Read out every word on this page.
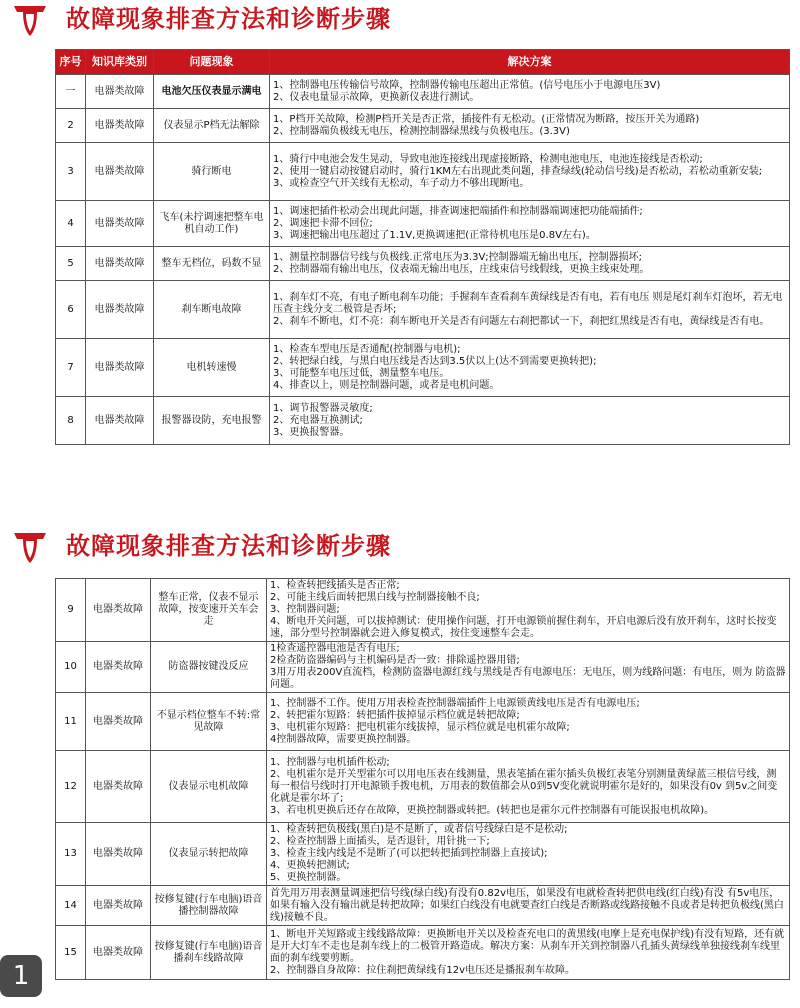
故障现象排查方法和诊断步骤
序号	知识库类别	问题现象	解决方案
一	电器类故障	电池欠压仪表显示满电	1、控制器电压传输信号故障，控制器传输电压超出正常值。(信号电压小于电源电压3V)
2、仪表电量显示故障，更换新仪表进行测试。

2	电器类故障	仪表显示P档无法解除	1、P档开关故障，检测P档开关是否正常，插接件有无松动。(正常情况为断路，按压开关为通路)
2、控制器端负极线无电压，检测控制器绿黑线与负极电压。(3.3V)

3	电器类故障	骑行断电	1、骑行中电池会发生晃动，导致电池连接线出现虚接断路，检测电池电压，电池连接线是否松动;
2、使用一键启动按键启动时，骑行1KM左右出现此类问题，排查绿线(轮动信号线)是否松动，若松动重新安装;
3、或检查空气开关线有无松动，车子动力不够出现断电。

4	电器类故障	飞车(未拧调速把整车电机自动工作)	1、调速把插件松动会出现此问题，排查调速把端插件和控制器端调速把功能端插件;
2、调速把卡滞不回位;
3、调速把输出电压超过了1.1V,更换调速把(正常待机电压是0.8V左右)。

5	电器类故障	整车无档位，码数不显	1、测量控制器信号线与负极线.正常电压为3.3V;控制器端无输出电压，控制器损坏;
2、控制器端有输出电压，仪表端无输出电压，庄线束信号线假线，更换主线束处理。

6	电器类故障	刹车断电故障	1、刹车灯不亮，有电子断电刹车功能；手握刹车查看刹车黄绿线是否有电，若有电压 则是尾灯刹车灯泡坏，若无电压查主线分支二极管是否坏;
2、刹车不断电，灯不亮：刹车断电开关是否有问题左右刹把都试一下，刹把红黑线是否有电，黄绿线是否有电。

7	电器类故障	电机转速慢	1、检查车型电压是否通配(控制器与电机);
2、转把绿白线，与黑白电压线是否达到3.5伏以上(达不到需要更换转把);
3、可能整车电压过低，测量整车电压。
4、排查以上，则是控制器问题，或者是电机问题。

8	电器类故障	报警器设防，充电报警	1、调节报警器灵敏度;
2、充电器互换测试;
3、更换报警器。
故障现象排查方法和诊断步骤
9	电器类故障	整车正常，仪表不显示故障，按变速开关车会走	1、检查转把线插头是否正常;
2、可能主线后面转把黑白线与控制器接触不良;
3、控制器问题;
4、断电开关问题，可以拔掉测试：使用操作问题，打开电源锁前握住刹车，开启电源后没有放开刹车，这时长按变速，部分型号控制器就会进入修复模式，按住变速整车会走。

10	电器类故障	防盗器按键没反应	1检查遥控器电池是否有电压;
2检查防盗器编码与主机编码是否一致：排除遥控器用错;
3用万用表200V直流档，检测防盗器电源红线与黑线是否有电源电压：无电压，则为线路问题：有电压，则为 防盗器问题。

11	电器类故障	不显示档位整车不转:常见故障	1、控制器不工作。使用万用表检查控制器端插件上电源锁黄线电压是否有电源电压;
2、转把霍尔短路：转把插件拔掉显示档位就是转把故障;
3、电机霍尔短路：把电机霍尔线拔掉，显示档位就是电机霍尔故障;
4控制器故障，需要更换控制器。

12	电器类故障	仪表显示电机故障	1、控制器与电机插件松动;
2、电机霍尔是开关型霍尔可以用电压表在线测量，黑表笔插在霍尔插头负极红表笔分别测量黄绿蓝三根信号线，测每一根信号线时打开电源锁手拨电机，万用表的数值都会从0到5V变化就说明霍尔是好的，如果没有0v 到5v之间变化就是霍尔坏了;
3、若电机更换后还存在故障，更换控制器或转把。(转把也是霍尔元件控制器有可能误报电机故障)。

13	电器类故障	仪表显示转把故障	1、检查转把负极线(黑白)是不是断了，或者信号线绿白是不是松动;
2、检查控制器上面插头，是否退针，用针挑一下;
3、检查主线内线是不是断了(可以把转把插到控制器上直接试);
4、更换转把测试;
5、更换控制器。

14	电器类故障	按修复键(行车电脑)语音播控制器故障	首先用万用表测量调速把信号线(绿白线)有没有0.82v电压，如果没有电就检查转把供电线(红白线)有没 有5v电压，如果有输入没有输出就是转把故障；如果红白线没有电就要查红白线是否断路或线路接触不良或者是转把负极线(黑白线)接触不良。

15	电器类故障	按修复键(行车电脑)语音播刹车线路故障	1、断电开关短路或主线线路故障：更换断电开关以及检查充电口的黄黑线(电摩上是充电保护线)有没有短路，还有就是开大灯车不走也是刹车线上的二极管开路造成。解决方案：从刹车开关到控制器八孔插头黄绿线单独接线刹车线里面的刹车线要剪断。
2、控制器自身故障：拉住刹把黄绿线有12v电压还是播报刹车故障。
1
